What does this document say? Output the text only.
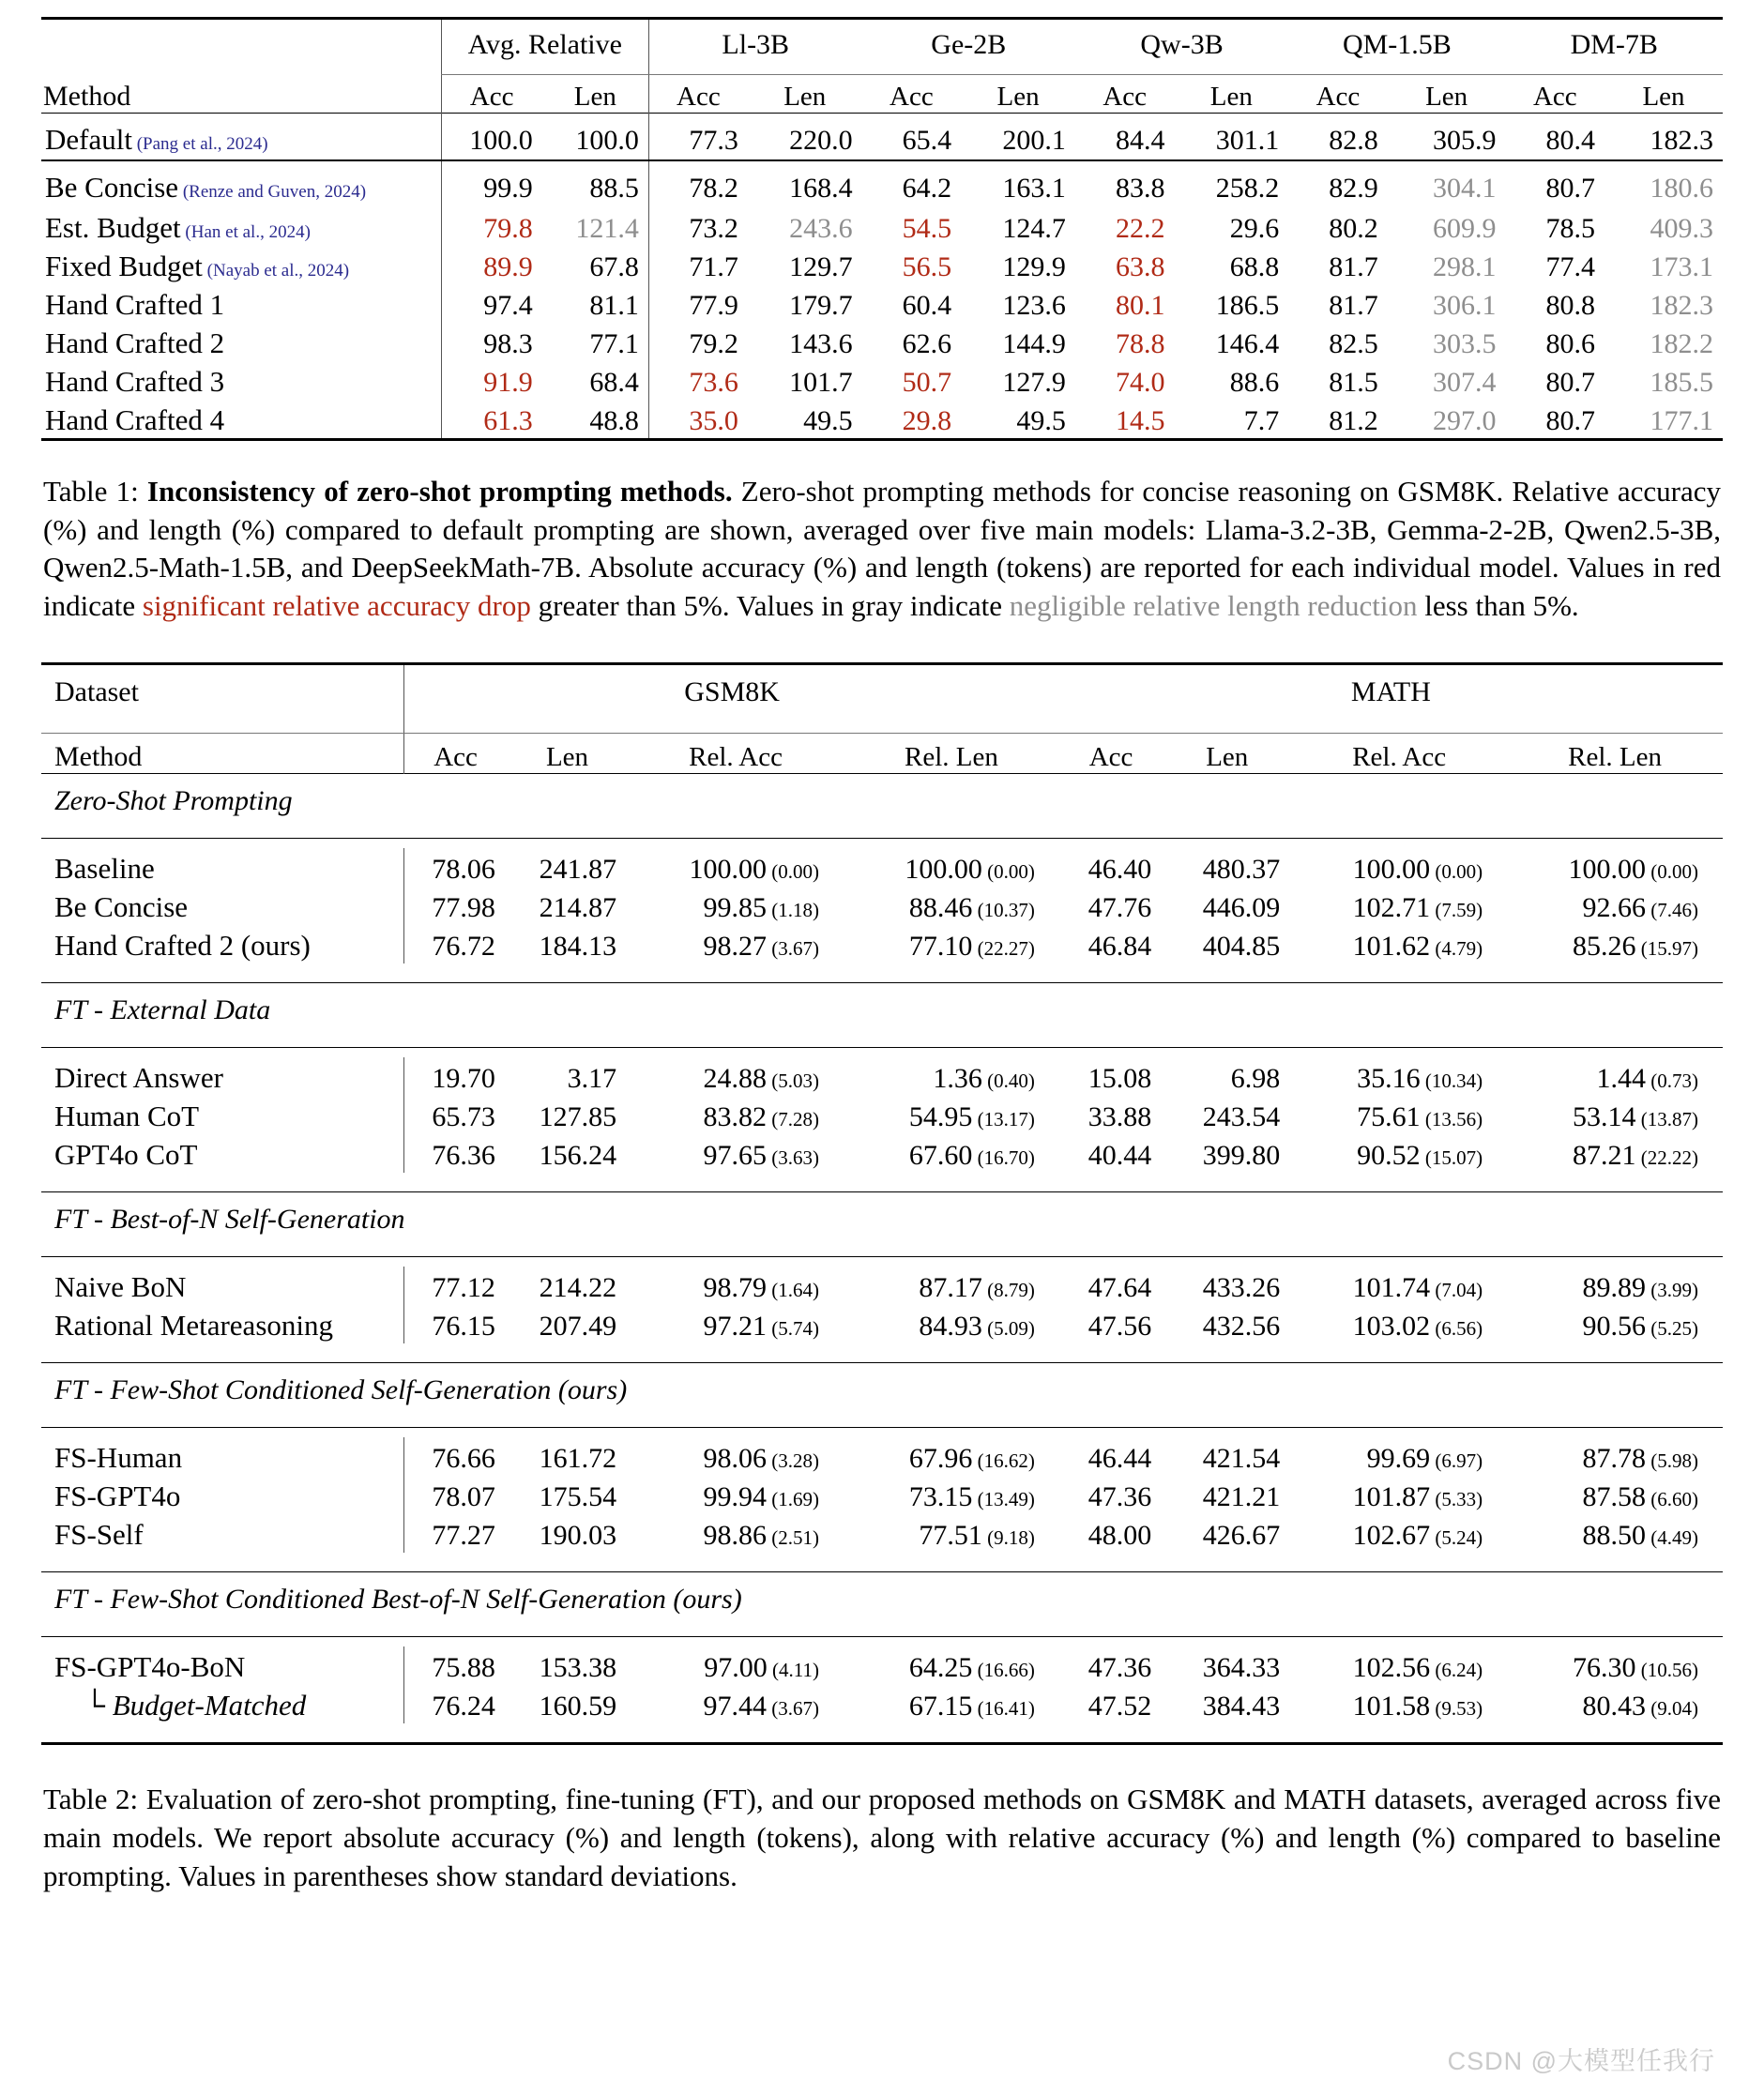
	Avg. Relative		Ll-3B		Ge-2B		Qw-3B		QM-1.5B		DM-7B	

Method	Acc	Len	Acc	Len	Acc	Len	Acc	Len	Acc	Len	Acc	Len
Default (Pang et al., 2024)	100.0	100.0	77.3	220.0	65.4	200.1	84.4	301.1	82.8	305.9	80.4	182.3
Be Concise (Renze and Guven, 2024)	99.9	88.5	78.2	168.4	64.2	163.1	83.8	258.2	82.9	304.1	80.7	180.6
Est. Budget (Han et al., 2024)	79.8	121.4	73.2	243.6	54.5	124.7	22.2	29.6	80.2	609.9	78.5	409.3
Fixed Budget (Nayab et al., 2024)	89.9	67.8	71.7	129.7	56.5	129.9	63.8	68.8	81.7	298.1	77.4	173.1
Hand Crafted 1	97.4	81.1	77.9	179.7	60.4	123.6	80.1	186.5	81.7	306.1	80.8	182.3
Hand Crafted 2	98.3	77.1	79.2	143.6	62.6	144.9	78.8	146.4	82.5	303.5	80.6	182.2
Hand Crafted 3	91.9	68.4	73.6	101.7	50.7	127.9	74.0	88.6	81.5	307.4	80.7	185.5
Hand Crafted 4	61.3	48.8	35.0	49.5	29.8	49.5	14.5	7.7	81.2	297.0	80.7	177.1

Table 1: Inconsistency of zero-shot prompting methods. Zero-shot prompting methods for concise reasoning on GSM8K. Relative accuracy (%) and length (%) compared to default prompting are shown, averaged over five main models: Llama-3.2-3B, Gemma-2-2B, Qwen2.5-3B, Qwen2.5-Math-1.5B, and DeepSeekMath-7B. Absolute accuracy (%) and length (tokens) are reported for each individual model. Values in red indicate significant relative accuracy drop greater than 5%. Values in gray indicate negligible relative length reduction less than 5%.
Dataset	GSM8K				MATH			

Method	Acc	Len	Rel. Acc	Rel. Len	Acc	Len	Rel. Acc	Rel. Len
Zero-Shot Prompting								

Baseline	78.06	241.87	100.00 (0.00)	100.00 (0.00)	46.40	480.37	100.00 (0.00)	100.00 (0.00)
Be Concise	77.98	214.87	99.85 (1.18)	88.46 (10.37)	47.76	446.09	102.71 (7.59)	92.66 (7.46)
Hand Crafted 2 (ours)	76.72	184.13	98.27 (3.67)	77.10 (22.27)	46.84	404.85	101.62 (4.79)	85.26 (15.97)

FT - External Data								

Direct Answer	19.70	3.17	24.88 (5.03)	1.36 (0.40)	15.08	6.98	35.16 (10.34)	1.44 (0.73)
Human CoT	65.73	127.85	83.82 (7.28)	54.95 (13.17)	33.88	243.54	75.61 (13.56)	53.14 (13.87)
GPT4o CoT	76.36	156.24	97.65 (3.63)	67.60 (16.70)	40.44	399.80	90.52 (15.07)	87.21 (22.22)

FT - Best-of-N Self-Generation								

Naive BoN	77.12	214.22	98.79 (1.64)	87.17 (8.79)	47.64	433.26	101.74 (7.04)	89.89 (3.99)
Rational Metareasoning	76.15	207.49	97.21 (5.74)	84.93 (5.09)	47.56	432.56	103.02 (6.56)	90.56 (5.25)

FT - Few-Shot Conditioned Self-Generation (ours)								

FS-Human	76.66	161.72	98.06 (3.28)	67.96 (16.62)	46.44	421.54	99.69 (6.97)	87.78 (5.98)
FS-GPT4o	78.07	175.54	99.94 (1.69)	73.15 (13.49)	47.36	421.21	101.87 (5.33)	87.58 (6.60)
FS-Self	77.27	190.03	98.86 (2.51)	77.51 (9.18)	48.00	426.67	102.67 (5.24)	88.50 (4.49)

FT - Few-Shot Conditioned Best-of-N Self-Generation (ours)								

FS-GPT4o-BoN	75.88	153.38	97.00 (4.11)	64.25 (16.66)	47.36	364.33	102.56 (6.24)	76.30 (10.56)
└ Budget-Matched	76.24	160.59	97.44 (3.67)	67.15 (16.41)	47.52	384.43	101.58 (9.53)	80.43 (9.04)

Table 2: Evaluation of zero-shot prompting, fine-tuning (FT), and our proposed methods on GSM8K and MATH datasets, averaged across five main models. We report absolute accuracy (%) and length (tokens), along with relative accuracy (%) and length (%) compared to baseline prompting. Values in parentheses show standard deviations.
CSDN @大模型任我行
